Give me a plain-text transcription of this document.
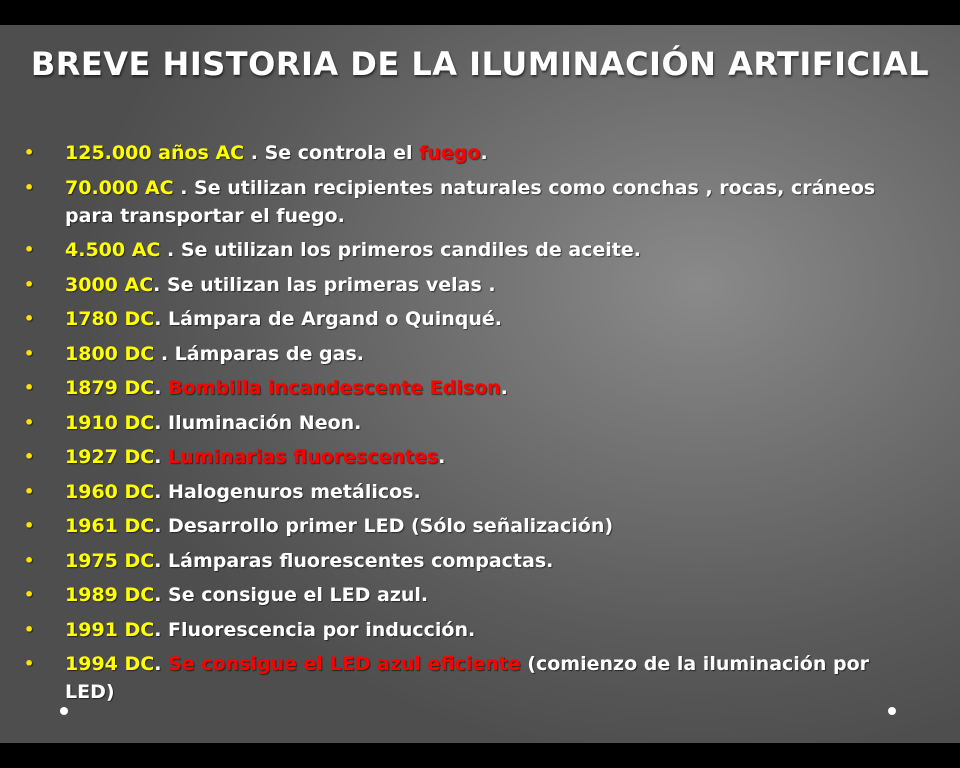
BREVE HISTORIA DE LA ILUMINACIÓN ARTIFICIAL
• 125.000 años AC . Se controla el fuego.
• 70.000 AC . Se utilizan recipientes naturales como conchas , rocas, cráneos para transportar el fuego.
• 4.500 AC . Se utilizan los primeros candiles de aceite.
• 3000 AC. Se utilizan las primeras velas .
• 1780 DC. Lámpara de Argand o Quinqué.
• 1800 DC . Lámparas de gas.
• 1879 DC. Bombilla incandescente Edison.
• 1910 DC. Iluminación Neon.
• 1927 DC. Luminarias fluorescentes.
• 1960 DC. Halogenuros metálicos.
• 1961 DC. Desarrollo primer LED (Sólo señalización)
• 1975 DC. Lámparas fluorescentes compactas.
• 1989 DC. Se consigue el LED azul.
• 1991 DC. Fluorescencia por inducción.
• 1994 DC. Se consigue el LED azul eficiente (comienzo de la iluminación por LED)
